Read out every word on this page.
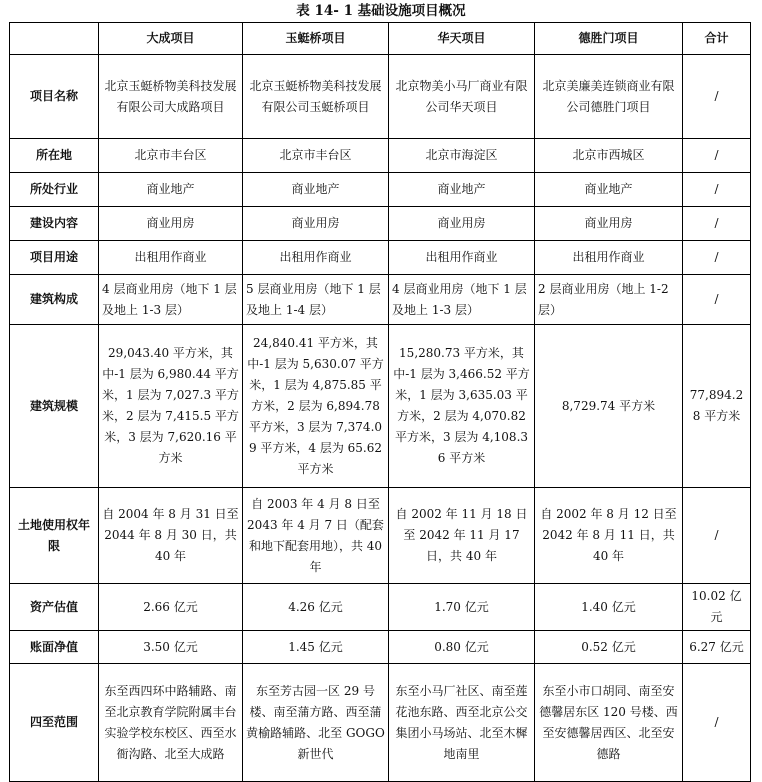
表 14- 1 基础设施项目概况
	大成项目	玉蜓桥项目	华天项目	德胜门项目	合计
项目名称	北京玉蜓桥物美科技发展有限公司大成路项目	北京玉蜓桥物美科技发展有限公司玉蜓桥项目	北京物美小马厂商业有限公司华天项目	北京美廉美连锁商业有限公司德胜门项目	/
所在地	北京市丰台区	北京市丰台区	北京市海淀区	北京市西城区	/
所处行业	商业地产	商业地产	商业地产	商业地产	/
建设内容	商业用房	商业用房	商业用房	商业用房	/
项目用途	出租用作商业	出租用作商业	出租用作商业	出租用作商业	/
建筑构成	4 层商业用房（地下 1 层及地上 1-3 层）	5 层商业用房（地下 1 层及地上 1-4 层）	4 层商业用房（地下 1 层及地上 1-3 层）	2 层商业用房（地上 1-2 层）	/
建筑规模	29,043.40 平方米，其中-1 层为 6,980.44 平方米，1 层为 7,027.3 平方米，2 层为 7,415.5 平方米，3 层为 7,620.16 平方米	24,840.41 平方米，其中-1 层为 5,630.07 平方米，1 层为 4,875.85 平方米，2 层为 6,894.78 平方米，3 层为 7,374.09 平方米，4 层为 65.62 平方米	15,280.73 平方米，其中-1 层为 3,466.52 平方米，1 层为 3,635.03 平方米，2 层为 4,070.82 平方米，3 层为 4,108.36 平方米	8,729.74 平方米	77,894.28 平方米
土地使用权年限	自 2004 年 8 月 31 日至 2044 年 8 月 30 日，共 40 年	自 2003 年 4 月 8 日至 2043 年 4 月 7 日（配套和地下配套用地），共 40 年	自 2002 年 11 月 18 日至 2042 年 11 月 17 日，共 40 年	自 2002 年 8 月 12 日至 2042 年 8 月 11 日，共 40 年	/
资产估值	2.66 亿元	4.26 亿元	1.70 亿元	1.40 亿元	10.02 亿元
账面净值	3.50 亿元	1.45 亿元	0.80 亿元	0.52 亿元	6.27 亿元
四至范围	东至西四环中路辅路、南至北京教育学院附属丰台实验学校东校区、西至水衙沟路、北至大成路	东至芳古园一区 29 号楼、南至蒲方路、西至蒲黄榆路辅路、北至 GOGO 新世代	东至小马厂社区、南至莲花池东路、西至北京公交集团小马场站、北至木樨地南里	东至小市口胡同、南至安德馨居东区 120 号楼、西至安德馨居西区、北至安德路	/
